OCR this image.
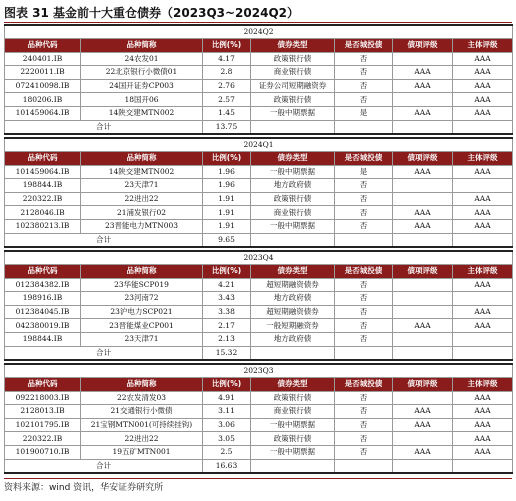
图表 31 基金前十大重仓债券（2023Q3~2024Q2）
2024Q2						
品种代码	品种简称	比例(%)	债券类型	是否城投债	债项评级	主体评级
240401.IB	24农发01	4.17	政策银行债	否		AAA
2220011.IB	22北京银行小微债01	2.8	商业银行债	否	AAA	AAA
072410098.IB	24国开证券CP003	2.76	证券公司短期融资券	否	AAA	AAA
180206.IB	18国开06	2.57	政策银行债	否		AAA
101459064.IB	14陕交建MTN002	1.45	一般中期票据	是	AAA	AAA
合计		13.75				
2024Q1						
品种代码	品种简称	比例(%)	债券类型	是否城投债	债项评级	主体评级
101459064.IB	14陕交建MTN002	1.96	一般中期票据	是	AAA	AAA
198844.IB	23天津71	1.96	地方政府债	否		
220322.IB	22进出22	1.91	政策银行债	否		AAA
2128046.IB	21浦发银行02	1.91	商业银行债	否	AAA	AAA
102380213.IB	23晋能电力MTN003	1.91	一般中期票据	否	AAA	AAA
合计		9.65				
2023Q4						
品种代码	品种简称	比例(%)	债券类型	是否城投债	债项评级	主体评级
012384382.IB	23华能SCP019	4.21	超短期融资债券	否		AAA
198916.IB	23河南72	3.43	地方政府债	否		
012384045.IB	23沪电力SCP021	3.38	超短期融资债券	否		AAA
042380019.IB	23晋能煤业CP001	2.17	一般短期融资券	否	AAA	AAA
198844.IB	23天津71	2.13	地方政府债	否		
合计		15.32				
2023Q3						
品种代码	品种简称	比例(%)	债券类型	是否城投债	债项评级	主体评级
092218003.IB	22农发清发03	4.91	政策银行债	否		AAA
2128013.IB	21交通银行小微债	3.11	商业银行债	否	AAA	AAA
102101795.IB	21宝钢MTN001(可持续挂钩)	3.06	一般中期票据	否	AAA	AAA
220322.IB	22进出22	3.05	政策银行债	否		AAA
101900710.IB	19五矿MTN001	2.5	一般中期票据	否	AAA	AAA
合计		16.63				
资料来源：wind 资讯，华安证券研究所
